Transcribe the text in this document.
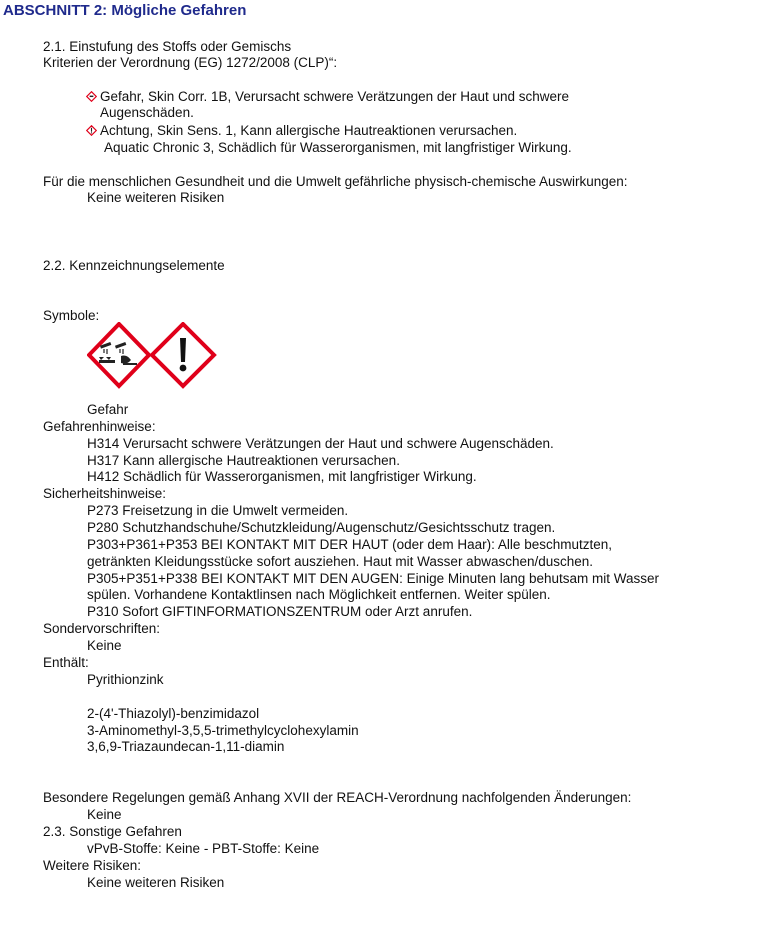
ABSCHNITT 2: Mögliche Gefahren
2.1. Einstufung des Stoffs oder Gemischs
Kriterien der Verordnung (EG) 1272/2008 (CLP)“:
Gefahr, Skin Corr. 1B, Verursacht schwere Verätzungen der Haut und schwere
Augenschäden.
Achtung, Skin Sens. 1, Kann allergische Hautreaktionen verursachen.
Aquatic Chronic 3, Schädlich für Wasserorganismen, mit langfristiger Wirkung.
Für die menschlichen Gesundheit und die Umwelt gefährliche physisch-chemische Auswirkungen:
Keine weiteren Risiken
2.2. Kennzeichnungselemente
Symbole:
Gefahr
Gefahrenhinweise:
H314 Verursacht schwere Verätzungen der Haut und schwere Augenschäden.
H317 Kann allergische Hautreaktionen verursachen.
H412 Schädlich für Wasserorganismen, mit langfristiger Wirkung.
Sicherheitshinweise:
P273 Freisetzung in die Umwelt vermeiden.
P280 Schutzhandschuhe/Schutzkleidung/Augenschutz/Gesichtsschutz tragen.
P303+P361+P353 BEI KONTAKT MIT DER HAUT (oder dem Haar): Alle beschmutzten,
getränkten Kleidungsstücke sofort ausziehen. Haut mit Wasser abwaschen/duschen.
P305+P351+P338 BEI KONTAKT MIT DEN AUGEN: Einige Minuten lang behutsam mit Wasser
spülen. Vorhandene Kontaktlinsen nach Möglichkeit entfernen. Weiter spülen.
P310 Sofort GIFTINFORMATIONSZENTRUM oder Arzt anrufen.
Sondervorschriften:
Keine
Enthält:
Pyrithionzink
2-(4'-Thiazolyl)-benzimidazol
3-Aminomethyl-3,5,5-trimethylcyclohexylamin
3,6,9-Triazaundecan-1,11-diamin
Besondere Regelungen gemäß Anhang XVII der REACH-Verordnung nachfolgenden Änderungen:
Keine
2.3. Sonstige Gefahren
vPvB-Stoffe: Keine - PBT-Stoffe: Keine
Weitere Risiken:
Keine weiteren Risiken
